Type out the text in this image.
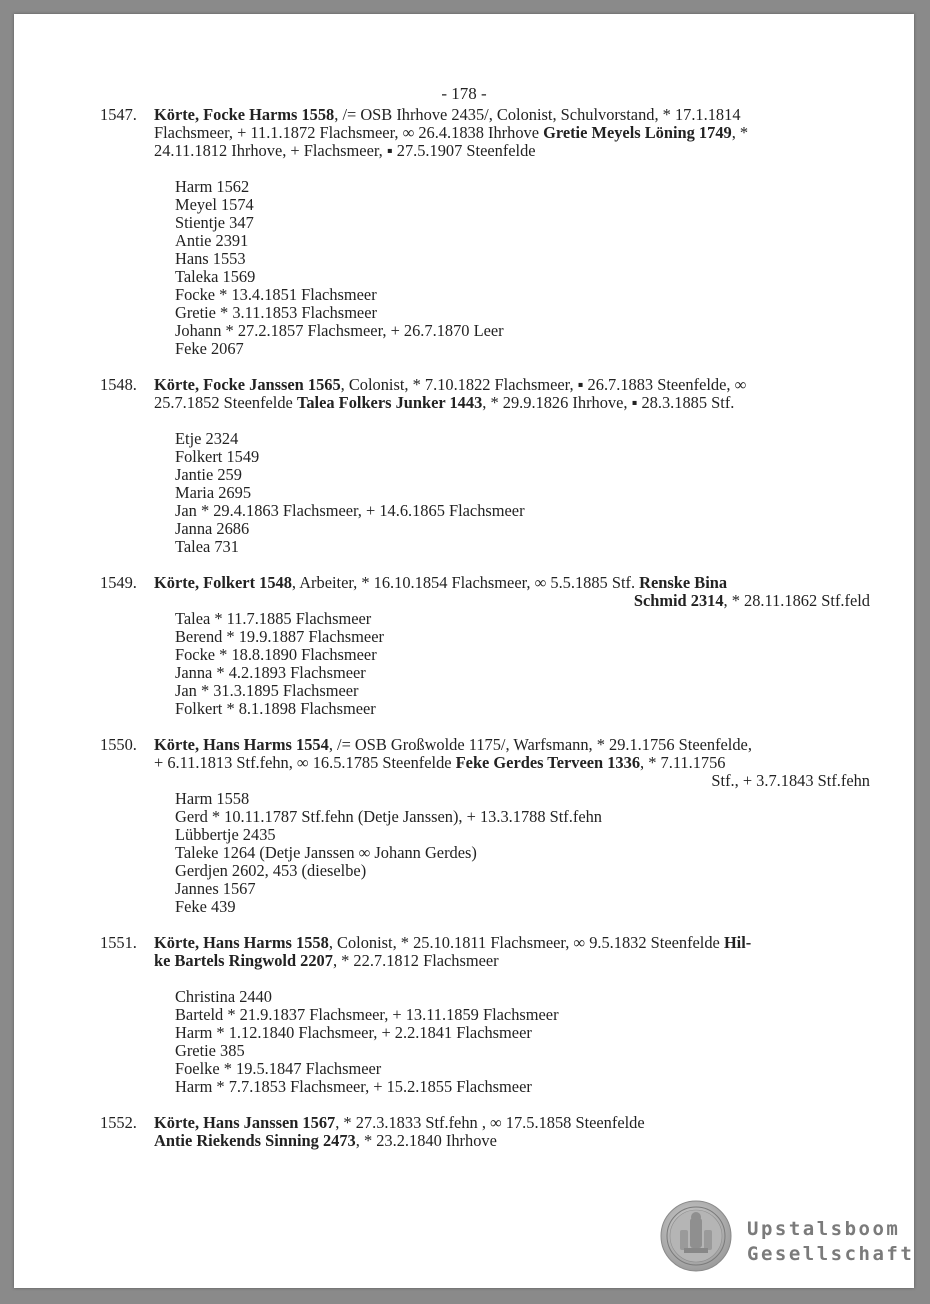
- 178 -
1547.	Körte, Focke Harms 1558, /= OSB Ihrhove 2435/, Colonist, Schulvorstand, * 17.1.1814

Flachsmeer, + 11.1.1872 Flachsmeer, ∞ 26.4.1838 Ihrhove Gretie Meyels Löning 1749, *

24.11.1812 Ihrhove, + Flachsmeer, ▪ 27.5.1907 Steenfelde

Harm 1562
Meyel 1574
Stientje 347
Antie 2391
Hans 1553
Taleka 1569
Focke * 13.4.1851 Flachsmeer
Gretie * 3.11.1853 Flachsmeer
Johann * 27.2.1857 Flachsmeer, + 26.7.1870 Leer
Feke 2067
1548.	Körte, Focke Janssen 1565, Colonist, * 7.10.1822 Flachsmeer, ▪ 26.7.1883 Steenfelde, ∞

25.7.1852 Steenfelde Talea Folkers Junker 1443, * 29.9.1826 Ihrhove, ▪ 28.3.1885 Stf.

Etje 2324
Folkert 1549
Jantie 259
Maria 2695
Jan * 29.4.1863 Flachsmeer, + 14.6.1865 Flachsmeer
Janna 2686
Talea 731
1549.	Körte, Folkert 1548, Arbeiter, * 16.10.1854 Flachsmeer, ∞ 5.5.1885 Stf. Renske Bina

Schmid 2314, * 28.11.1862 Stf.feld

Talea * 11.7.1885 Flachsmeer
Berend * 19.9.1887 Flachsmeer
Focke * 18.8.1890 Flachsmeer
Janna * 4.2.1893 Flachsmeer
Jan * 31.3.1895 Flachsmeer
Folkert * 8.1.1898 Flachsmeer
1550.	Körte, Hans Harms 1554, /= OSB Großwolde 1175/, Warfsmann, * 29.1.1756 Steenfelde,

+ 6.11.1813 Stf.fehn, ∞ 16.5.1785 Steenfelde Feke Gerdes Terveen 1336, * 7.11.1756

Stf., + 3.7.1843 Stf.fehn

Harm 1558
Gerd * 10.11.1787 Stf.fehn (Detje Janssen), + 13.3.1788 Stf.fehn
Lübbertje 2435
Taleke 1264 (Detje Janssen ∞ Johann Gerdes)
Gerdjen 2602, 453 (dieselbe)
Jannes 1567
Feke 439
1551.	Körte, Hans Harms 1558, Colonist, * 25.10.1811 Flachsmeer, ∞ 9.5.1832 Steenfelde Hil-

ke Bartels Ringwold 2207, * 22.7.1812 Flachsmeer

Christina 2440
Barteld * 21.9.1837 Flachsmeer, + 13.11.1859 Flachsmeer
Harm * 1.12.1840 Flachsmeer, + 2.2.1841 Flachsmeer
Gretie 385
Foelke * 19.5.1847 Flachsmeer
Harm * 7.7.1853 Flachsmeer, + 15.2.1855 Flachsmeer
1552.	Körte, Hans Janssen 1567, * 27.3.1833 Stf.fehn , ∞ 17.5.1858 Steenfelde

Antie Riekends Sinning 2473, * 23.2.1840 Ihrhove

Upstalsboom
Gesellschaft
